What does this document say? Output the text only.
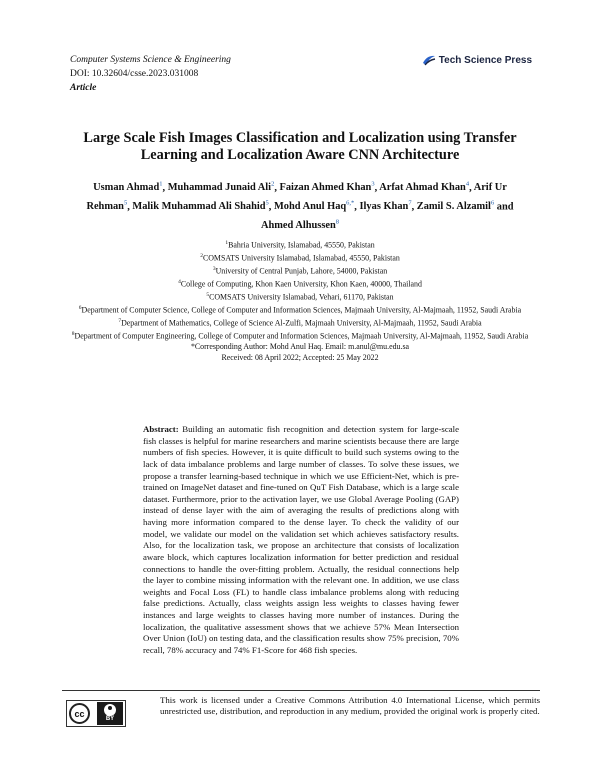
Computer Systems Science & Engineering
DOI: 10.32604/csse.2023.031008
Article
Tech Science Press
Large Scale Fish Images Classification and Localization using Transfer
Learning and Localization Aware CNN Architecture
Usman Ahmad$^1$, Muhammad Junaid Ali$^2$, Faizan Ahmed Khan$^3$, Arfat Ahmad Khan$^4$, Arif Ur Rehman$^5$, Malik Muhammad Ali Shahid$^5$, Mohd Anul Haq$^{6,*}$, Ilyas Khan$^7$, Zamil S. Alzamil$^6$ and Ahmed Alhussen$^8$
$^1$Bahria University, Islamabad, 45550, Pakistan
$^2$COMSATS University Islamabad, Islamabad, 45550, Pakistan
$^3$University of Central Punjab, Lahore, 54000, Pakistan
$^4$College of Computing, Khon Kaen University, Khon Kaen, 40000, Thailand
$^5$COMSATS University Islamabad, Vehari, 61170, Pakistan
$^6$Department of Computer Science, College of Computer and Information Sciences, Majmaah University, Al-Majmaah, 11952, Saudi Arabia
$^7$Department of Mathematics, College of Science Al-Zulfi, Majmaah University, Al-Majmaah, 11952, Saudi Arabia
$^8$Department of Computer Engineering, College of Computer and Information Sciences, Majmaah University, Al-Majmaah, 11952, Saudi Arabia
*Corresponding Author: Mohd Anul Haq. Email: m.anul@mu.edu.sa
Received: 08 April 2022; Accepted: 25 May 2022
Abstract: Building an automatic fish recognition and detection system for large-scale fish classes is helpful for marine researchers and marine scientists because there are large numbers of fish species. However, it is quite difficult to build such systems owing to the lack of data imbalance problems and large number of classes. To solve these issues, we propose a transfer learning-based technique in which we use Efficient-Net, which is pre-trained on ImageNet dataset and fine-tuned on QuT Fish Database, which is a large scale dataset. Furthermore, prior to the activation layer, we use Global Average Pooling (GAP) instead of dense layer with the aim of averaging the results of predictions along with having more information compared to the dense layer. To check the validity of our model, we validate our model on the validation set which achieves satisfactory results. Also, for the localization task, we propose an architecture that consists of localization aware block, which captures localization information for better prediction and residual connections to handle the over-fitting problem. Actually, the residual connections help the layer to combine missing information with the relevant one. In addition, we use class weights and Focal Loss (FL) to handle class imbalance problems along with reducing false predictions. Actually, class weights assign less weights to classes having fewer instances and large weights to classes having more number of instances. During the localization, the qualitative assessment shows that we achieve 57% Mean Intersection Over Union (IoU) on testing data, and the classification results show 75% precision, 70% recall, 78% accuracy and 74% F1-Score for 468 fish species.
cc
BY
This work is licensed under a Creative Commons Attribution 4.0 International License, which permits unrestricted use, distribution, and reproduction in any medium, provided the original work is properly cited.
